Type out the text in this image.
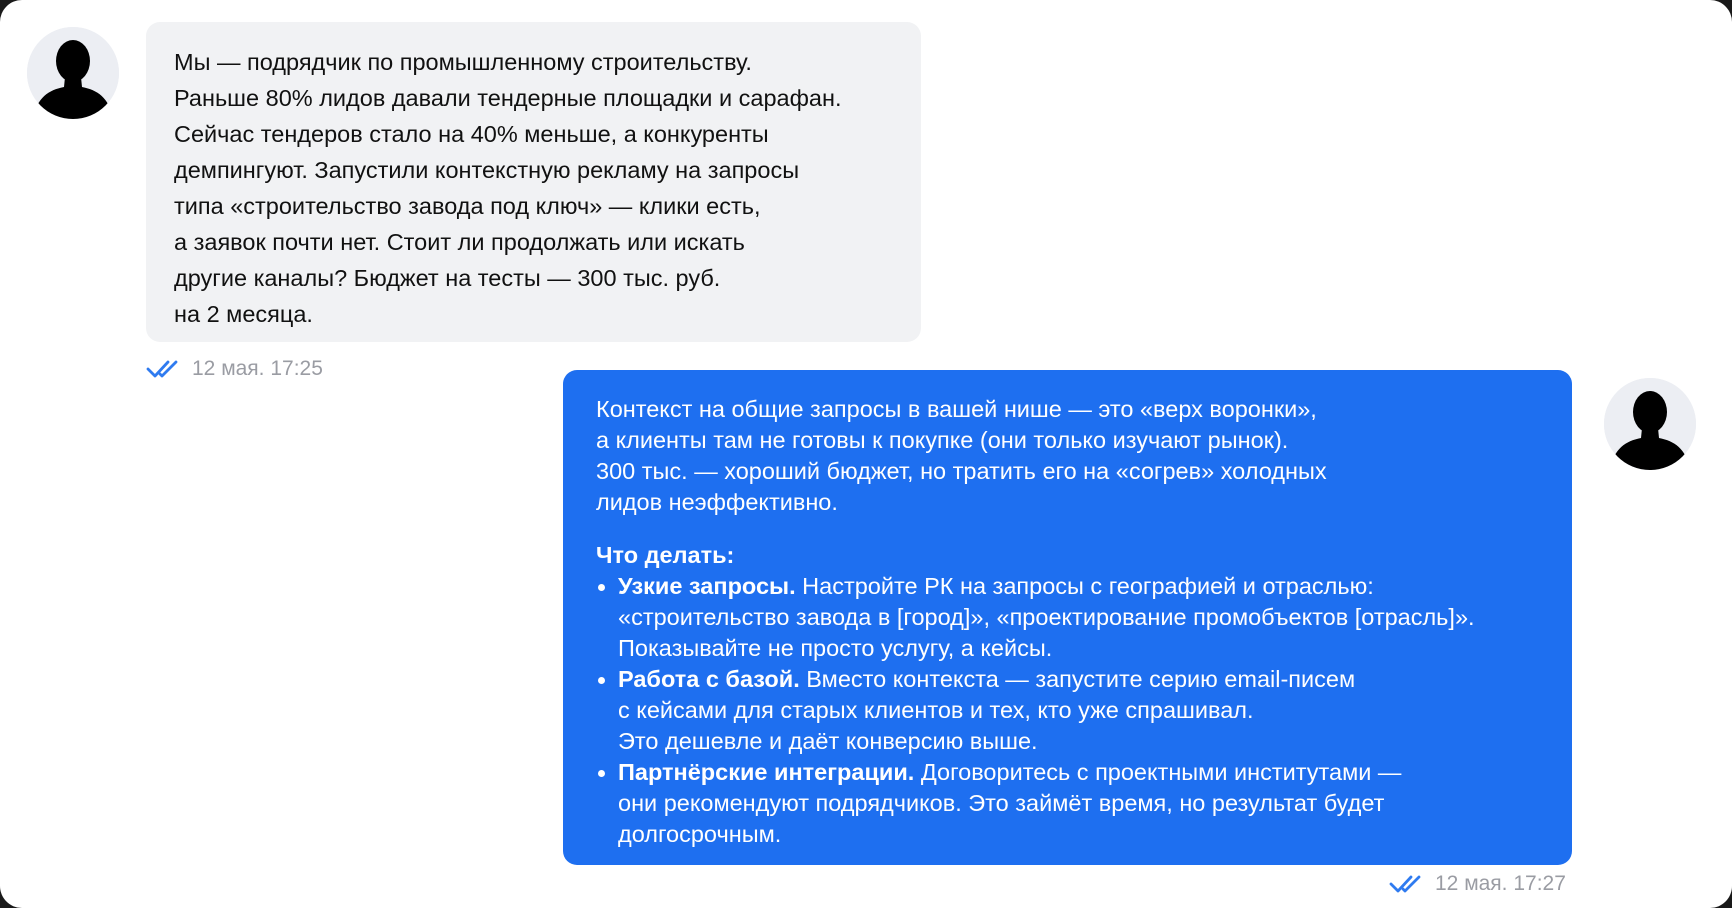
Мы — подрядчик по промышленному строительству.
Раньше 80% лидов давали тендерные площадки и сарафан.
Сейчас тендеров стало на 40% меньше, а конкуренты
демпингуют. Запустили контекстную рекламу на запросы
типа «строительство завода под ключ» — клики есть,
а заявок почти нет. Стоит ли продолжать или искать
другие каналы? Бюджет на тесты — 300 тыс. руб.
на 2 месяца.

12 мая. 17:25
Контекст на общие запросы в вашей нише — это «верх воронки»,
а клиенты там не готовы к покупке (они только изучают рынок).
300 тыс. — хороший бюджет, но тратить его на «согрев» холодных
лидов неэффективно.
Что делать:
Узкие запросы. Настройте РК на запросы с географией и отраслью:
«строительство завода в [город]», «проектирование промобъектов [отрасль]».
Показывайте не просто услугу, а кейсы.
Работа с базой. Вместо контекста — запустите серию email-писем
с кейсами для старых клиентов и тех, кто уже спрашивал.
Это дешевле и даёт конверсию выше.
Партнёрские интеграции. Договоритесь с проектными институтами —
они рекомендуют подрядчиков. Это займёт время, но результат будет
долгосрочным.
12 мая. 17:27
